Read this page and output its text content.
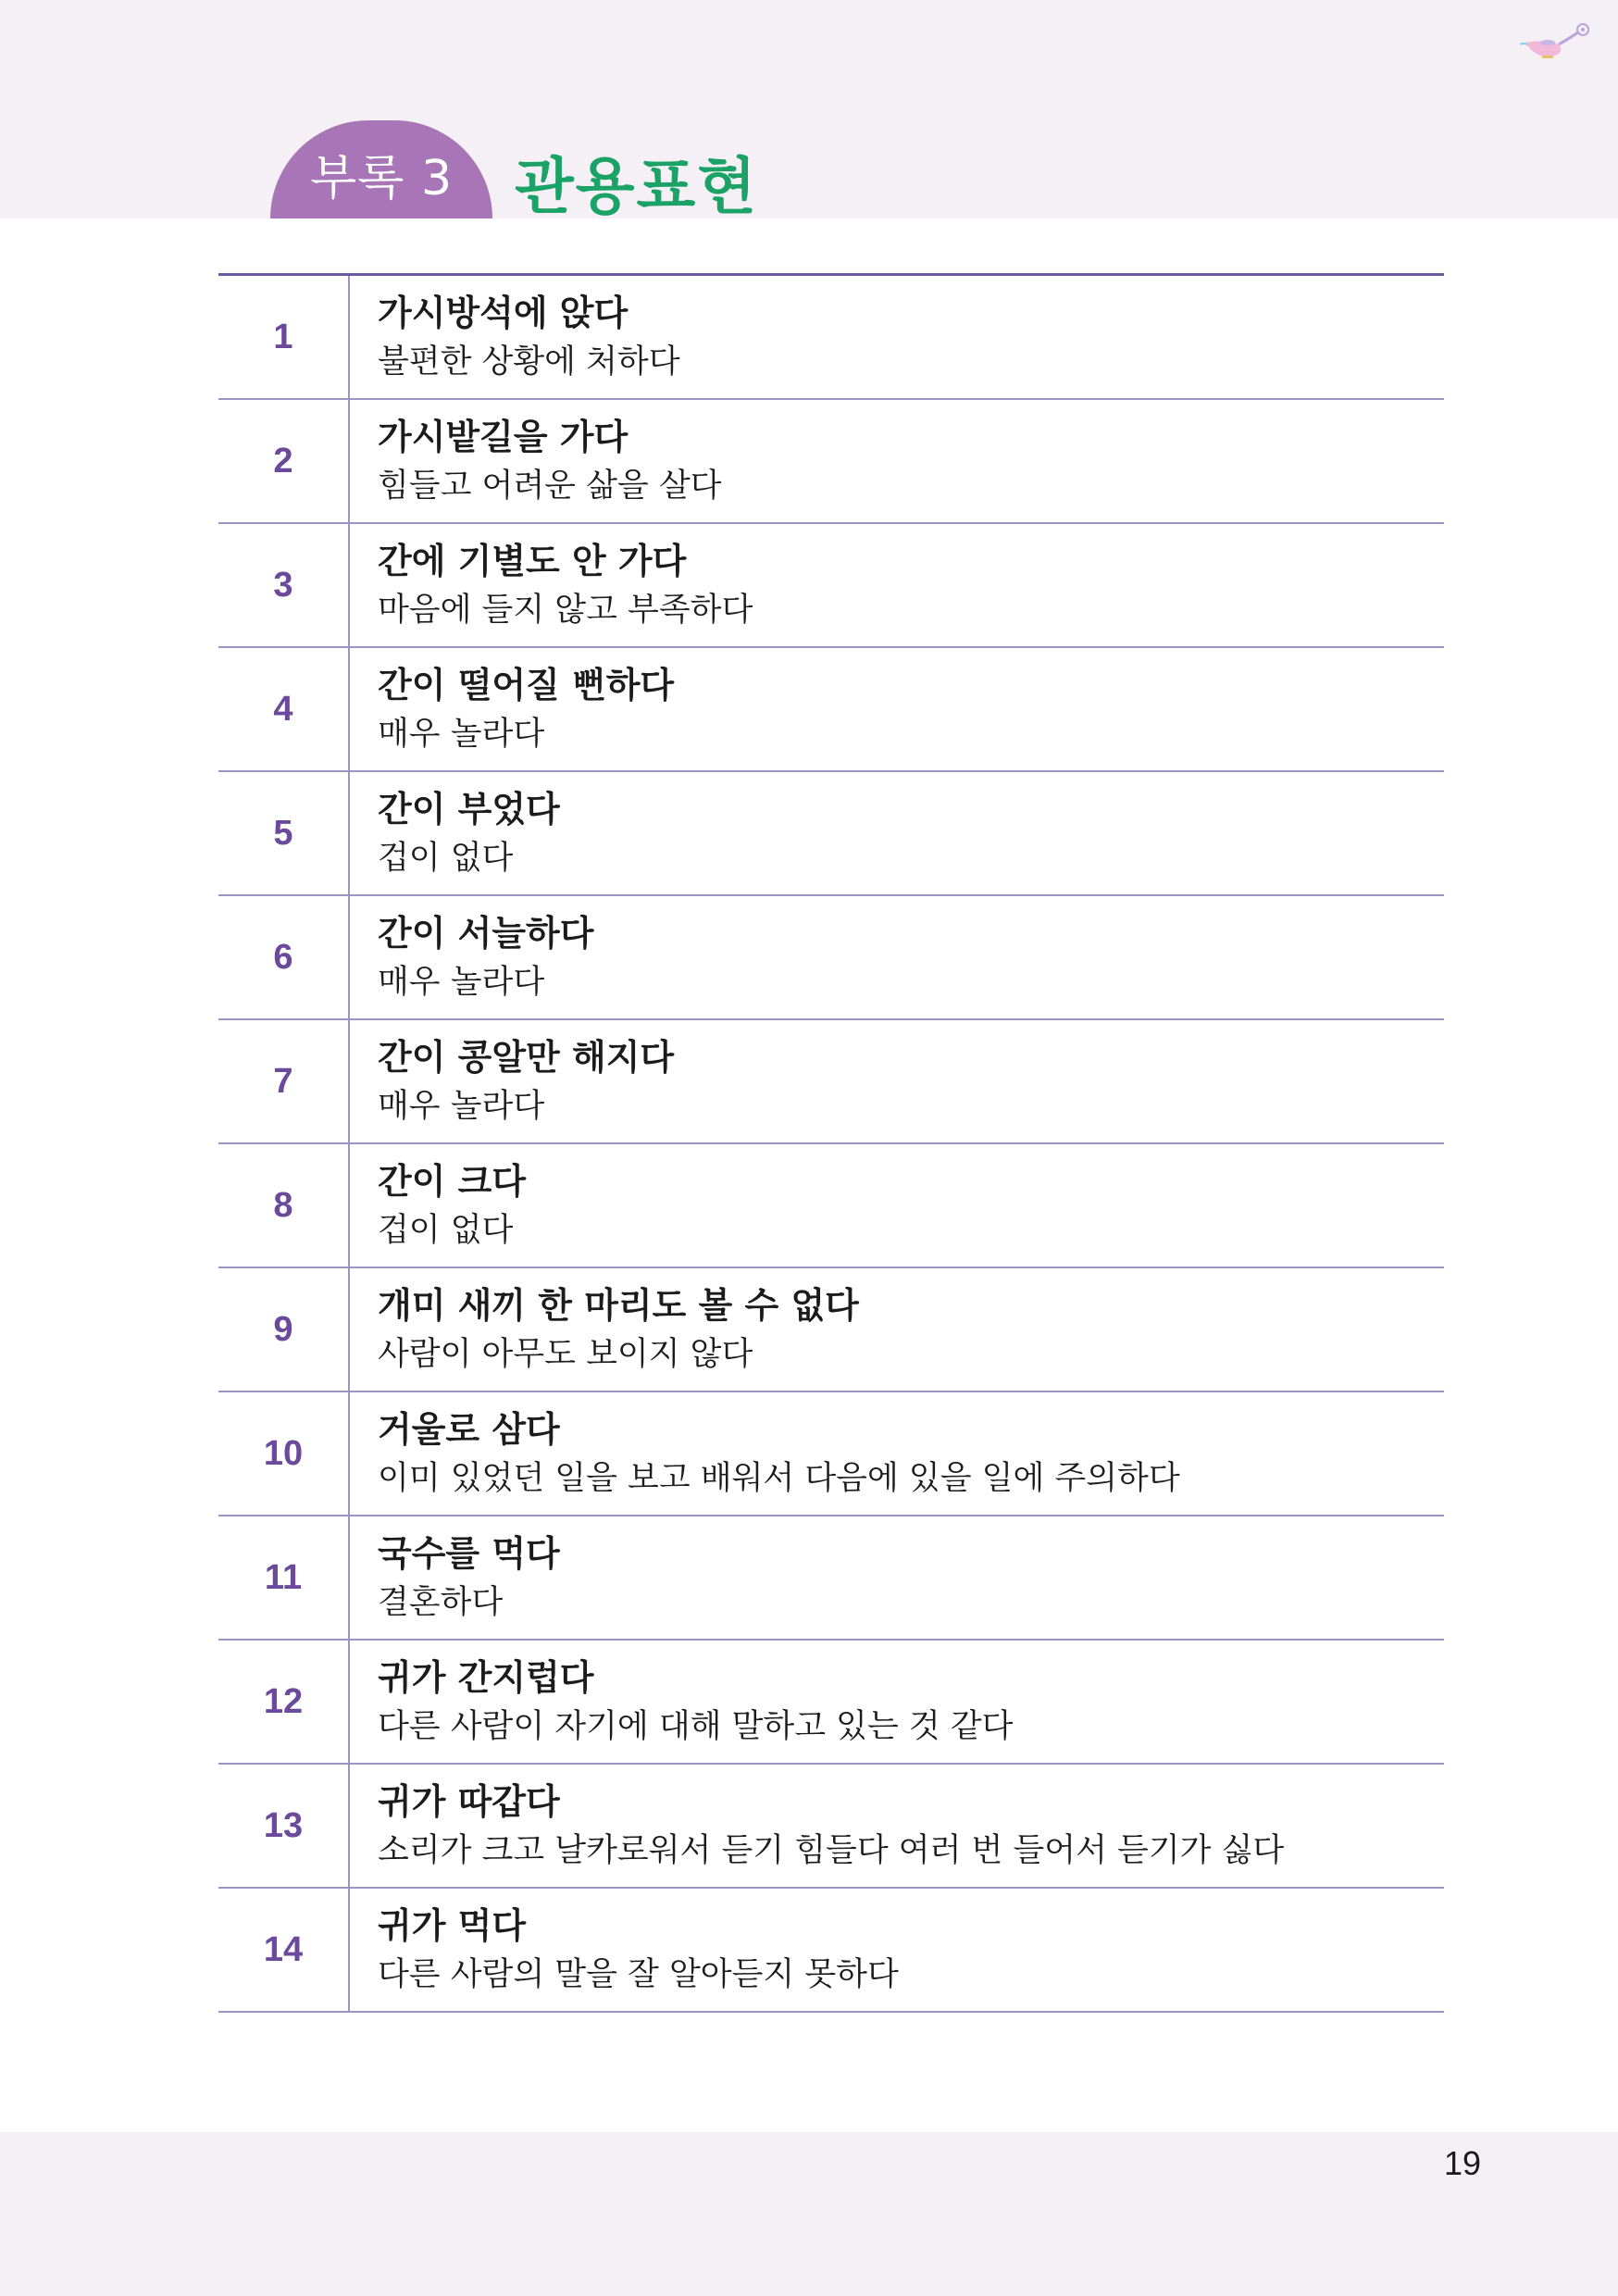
부록 3	관용표현
1
가시방석에 앉다
불편한 상황에 처하다
2
가시밭길을 가다
힘들고 어려운 삶을 살다
3
간에 기별도 안 가다
마음에 들지 않고 부족하다
4
간이 떨어질 뻔하다
매우 놀라다
5
간이 부었다
겁이 없다
6
간이 서늘하다
매우 놀라다
7
간이 콩알만 해지다
매우 놀라다
8
간이 크다
겁이 없다
9
개미 새끼 한 마리도 볼 수 없다
사람이 아무도 보이지 않다
10
거울로 삼다
이미 있었던 일을 보고 배워서 다음에 있을 일에 주의하다
11
국수를 먹다
결혼하다
12
귀가 간지럽다
다른 사람이 자기에 대해 말하고 있는 것 같다
13
귀가 따갑다
소리가 크고 날카로워서 듣기 힘들다 여러 번 들어서 듣기가 싫다
14
귀가 먹다
다른 사람의 말을 잘 알아듣지 못하다
19
